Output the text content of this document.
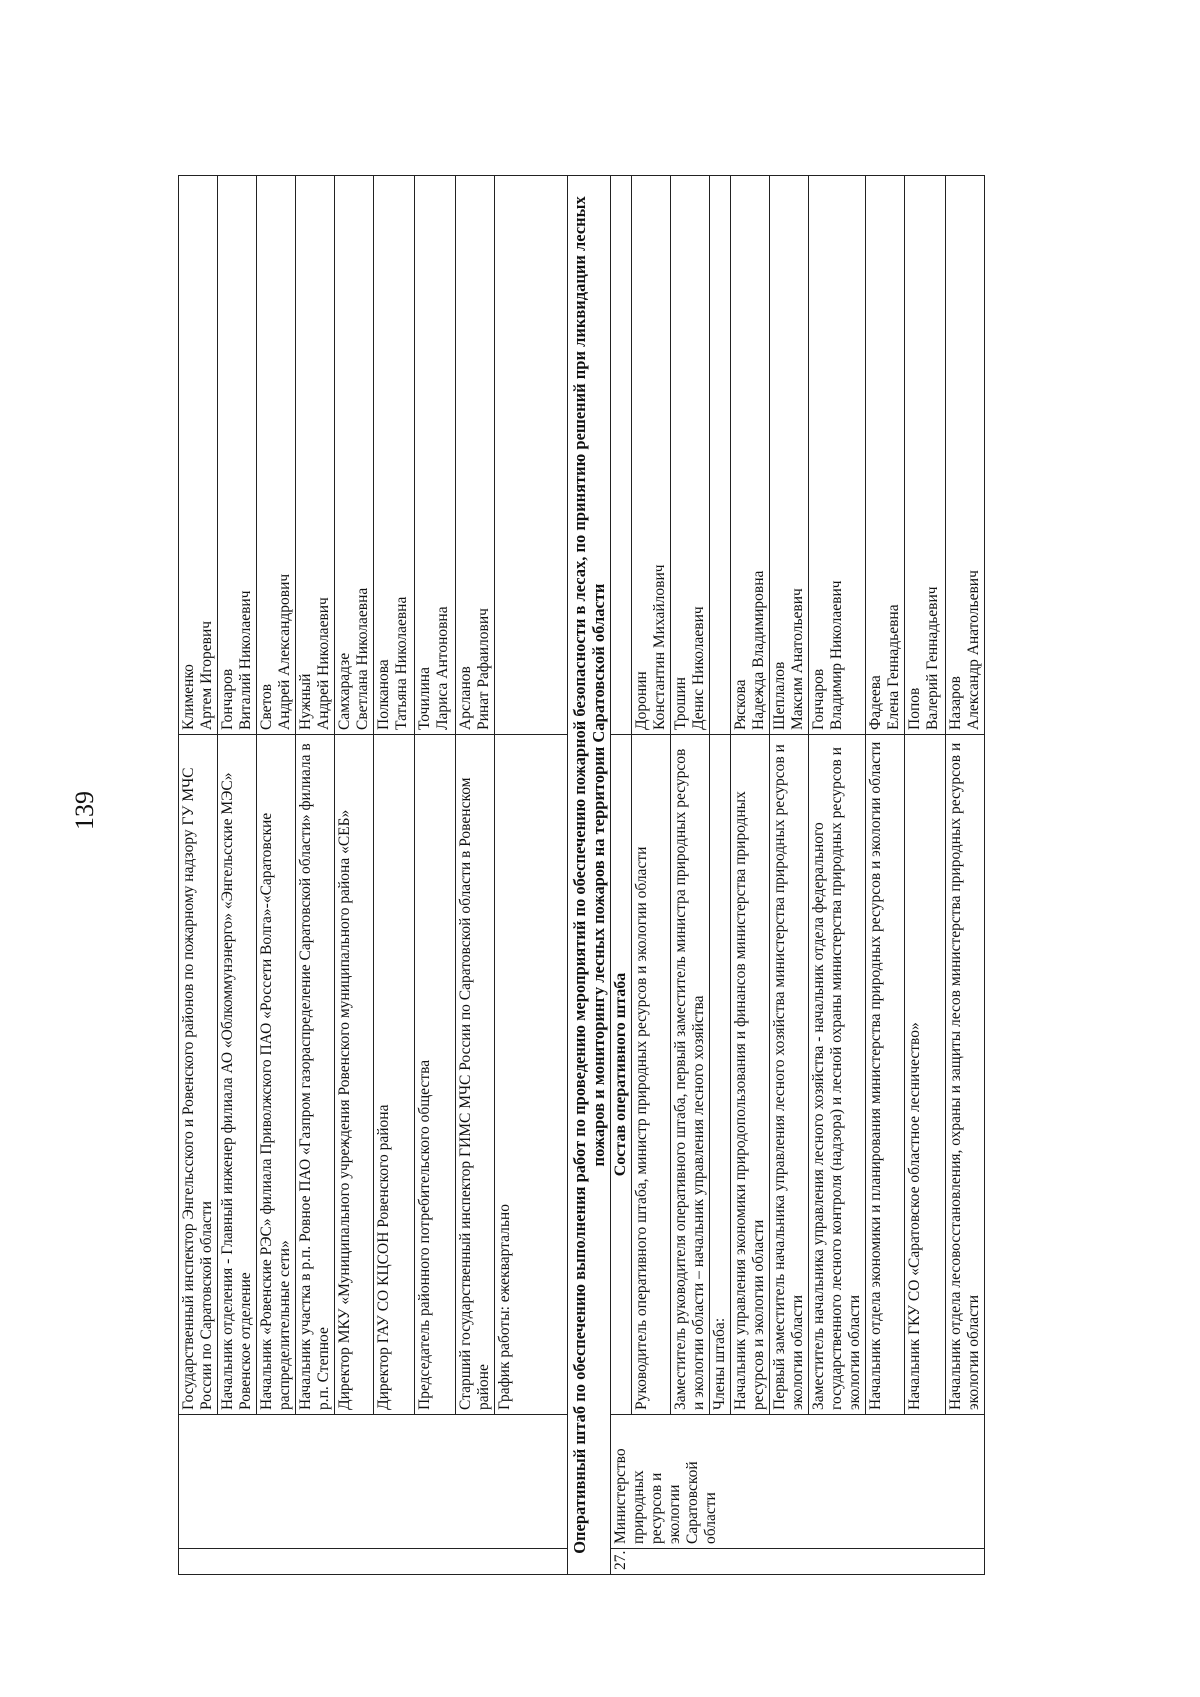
139
			Государственный инспектор Энгельсского и Ровенского районов по пожарному надзору ГУ МЧС России по Саратовской области	Клименко
Артем Игоревич
		Начальник отделения - Главный инженер филиала АО «Облкоммунэнерго» «Энгельсские МЭС» Ровенское отделение	Гончаров
Виталий Николаевич
		Начальник «Ровенские РЭС» филиала Приволжского ПАО «Россети Волга»-«Саратовские распределительные сети»	Светов
Андрей Александрович
		Начальник участка в р.п. Ровное ПАО «Газпром газораспределение Саратовской области» филиала в р.п. Степное	Нужный
Андрей Николаевич
		Директор МКУ «Муниципального учреждения Ровенского муниципального района «СЕБ»	Самхарадзе
Светлана Николаевна
		Директор ГАУ СО КЦСОН Ровенского района	Полканова
Татьяна Николаевна
		Председатель районного потребительского общества	Точилина
Лариса Антоновна
		Старший государственный инспектор ГИМС МЧС России по Саратовской области в Ровенском районе	Арсланов
Ринат Рафаилович
		График работы: ежеквартально	
Оперативный штаб по обеспечению выполнения работ по проведению мероприятий по обеспечению пожарной безопасности в лесах, по принятию решений при ликвидации лесных пожаров и мониторингу лесных пожаров на территории Саратовской области			
27.	Министерство природных ресурсов и экологии Саратовской области	Состав оперативного штаба	
		Руководитель оперативного штаба, министр природных ресурсов и экологии области	Доронин
Константин Михайлович
		Заместитель руководителя оперативного штаба, первый заместитель министра природных ресурсов и экологии области – начальник управления лесного хозяйства	Трошин
Денис Николаевич
		Члены штаба:	
		Начальник управления экономики природопользования и финансов министерства природных ресурсов и экологии области	Ряскова
Надежда Владимировна
		Первый заместитель начальника управления лесного хозяйства министерства природных ресурсов и экологии области	Шеплалов
Максим Анатольевич
		Заместитель начальника управления лесного хозяйства - начальник отдела федерального государственного лесного контроля (надзора) и лесной охраны министерства природных ресурсов и экологии области	Гончаров
Владимир Николаевич
		Начальник отдела экономики и планирования министерства природных ресурсов и экологии области	Фадеева
Елена Геннадьевна
		Начальник ГКУ СО «Саратовское областное лесничество»	Попов
Валерий Геннадьевич
		Начальник отдела лесовосстановления, охраны и защиты лесов министерства природных ресурсов и экологии области	Назаров
Александр Анатольевич
